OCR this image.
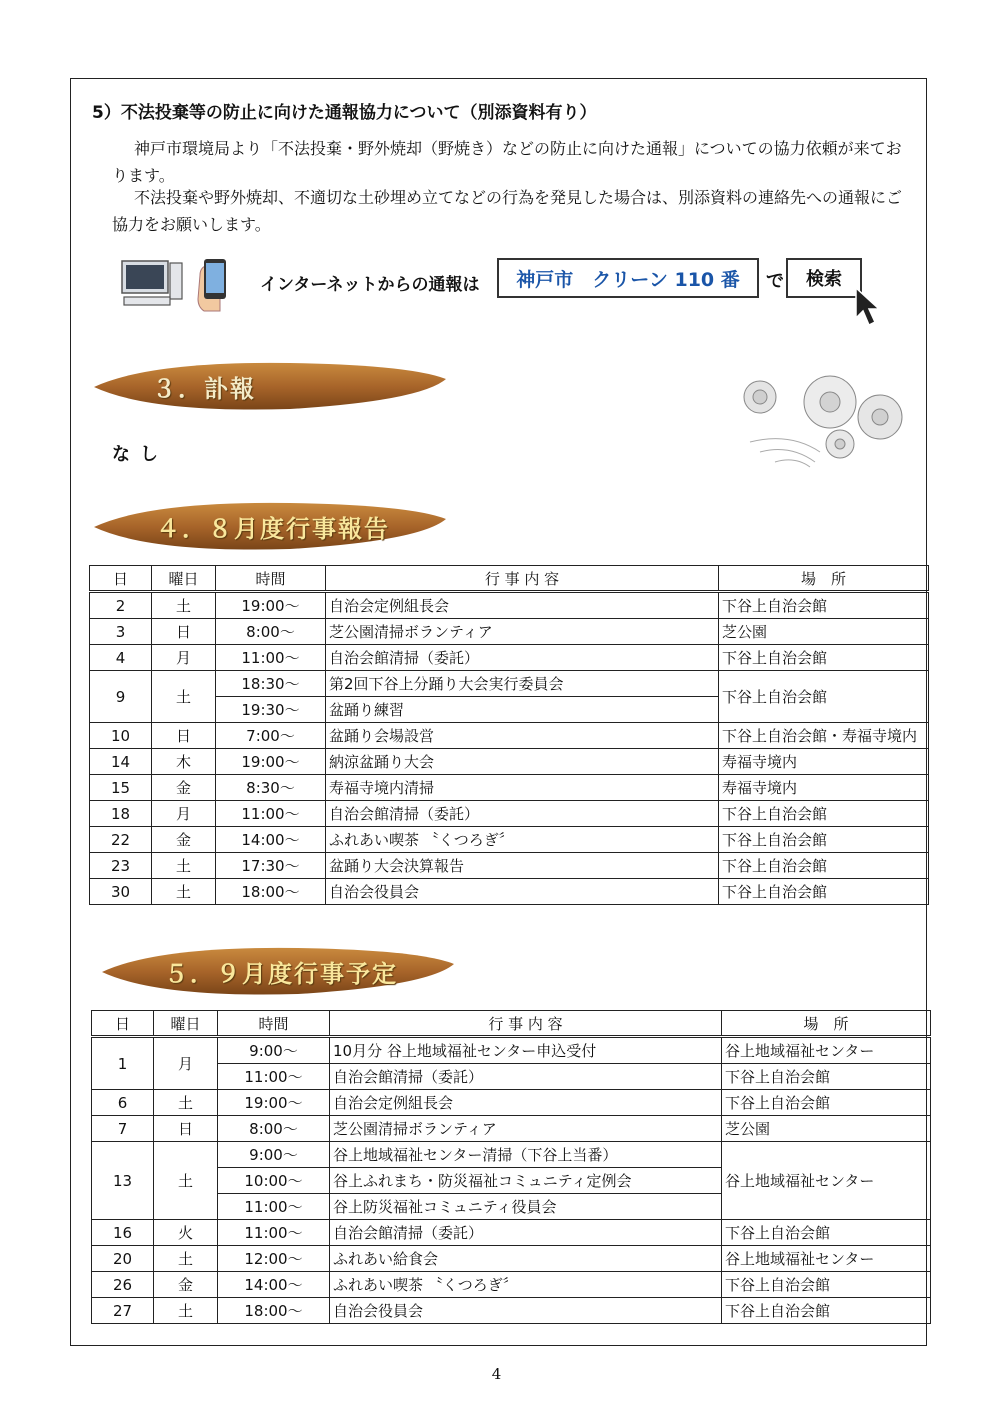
5）不法投棄等の防止に向けた通報協力について（別添資料有り）
神戸市環境局より「不法投棄・野外焼却（野焼き）などの防止に向けた通報」についての協力依頼が来ております。
不法投棄や野外焼却、不適切な土砂埋め立てなどの行為を発見した場合は、別添資料の連絡先への通報にご協力をお願いします。
インターネットからの通報は	神戸市　クリーン 110 番	で	検索
３．訃報
なし
４．８月度行事報告
日	曜日	時間	行 事 内 容	場　所
2	土	19:00～	自治会定例組長会	下谷上自治会館
3	日	8:00～	芝公園清掃ボランティア	芝公園
4	月	11:00～	自治会館清掃（委託）	下谷上自治会館
9	土	18:30～	第2回下谷上分踊り大会実行委員会	下谷上自治会館
		19:30～	盆踊り練習	
10	日	7:00～	盆踊り会場設営	下谷上自治会館・寿福寺境内
14	木	19:00～	納涼盆踊り大会	寿福寺境内
15	金	8:30～	寿福寺境内清掃	寿福寺境内
18	月	11:00～	自治会館清掃（委託）	下谷上自治会館
22	金	14:00～	ふれあい喫茶 〝くつろぎ〞	下谷上自治会館
23	土	17:30～	盆踊り大会決算報告	下谷上自治会館
30	土	18:00～	自治会役員会	下谷上自治会館
５．９月度行事予定
日	曜日	時間	行 事 内 容	場　所
1	月	9:00～	10月分 谷上地域福祉センター申込受付	谷上地域福祉センター
		11:00～	自治会館清掃（委託）	下谷上自治会館
6	土	19:00～	自治会定例組長会	下谷上自治会館
7	日	8:00～	芝公園清掃ボランティア	芝公園
13	土	9:00～	谷上地域福祉センター清掃（下谷上当番）	谷上地域福祉センター
		10:00～	谷上ふれまち・防災福祉コミュニティ定例会	
		11:00～	谷上防災福祉コミュニティ役員会	
16	火	11:00～	自治会館清掃（委託）	下谷上自治会館
20	土	12:00～	ふれあい給食会	谷上地域福祉センター
26	金	14:00～	ふれあい喫茶 〝くつろぎ〞	下谷上自治会館
27	土	18:00～	自治会役員会	下谷上自治会館
4
